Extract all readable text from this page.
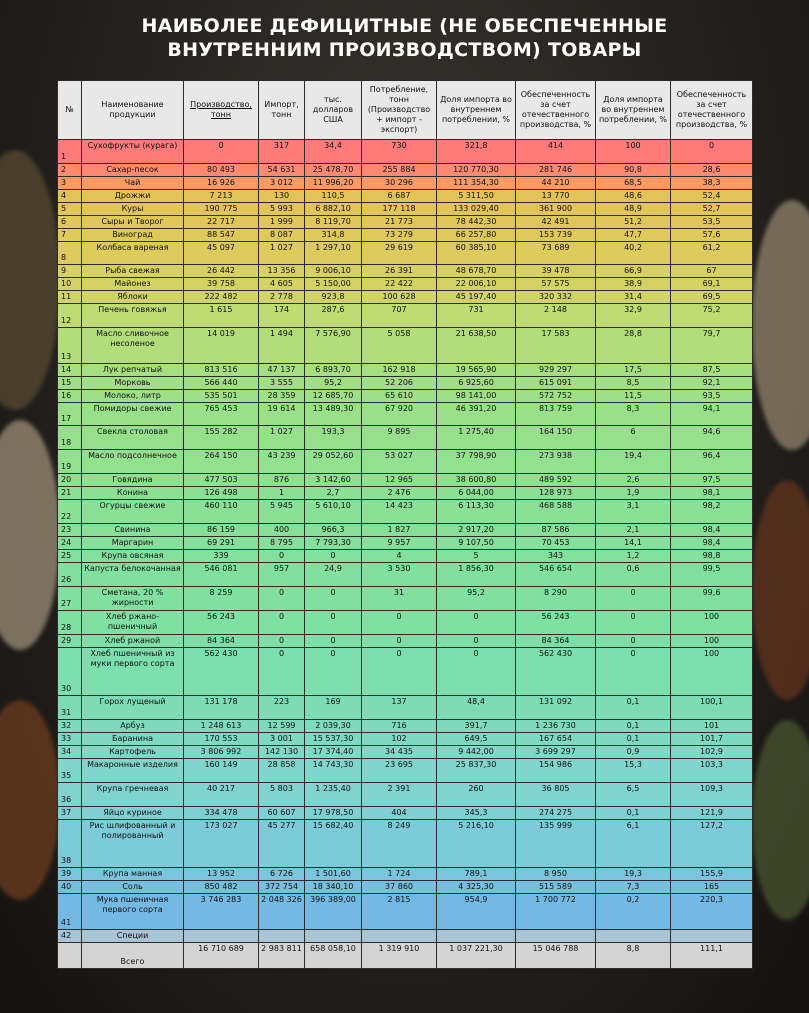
НАИБОЛЕЕ ДЕФИЦИТНЫЕ (НЕ ОБЕСПЕЧЕННЫЕ
ВНУТРЕННИМ ПРОИЗВОДСТВОМ) ТОВАРЫ
№	Наименование продукции	Производство, тонн	Импорт, тонн	тыс. долларов США	Потребление, тонн (Производство + импорт - экспорт)	Доля импорта во внутреннем потреблении, %	Обеспеченность за счет отечественного производства, %	Доля импорта во внутреннем потреблении, %	Обеспеченность за счет отечественного производства, %
1	Сухофрукты (курага)	0	317	34,4	730	321,8	414	100	0
2	Сахар-песок	80 493	54 631	25 478,70	255 884	120 770,30	281 746	90,8	28,6
3	Чай	16 926	3 012	11 996,20	30 296	111 354,30	44 210	68,5	38,3
4	Дрожжи	7 213	130	110,5	6 687	5 311,50	13 770	48,6	52,4
5	Куры	190 775	5 993	6 882,10	177 118	133 029,40	361 900	48,9	52,7
6	Сыры и Творог	22 717	1 999	8 119,70	21 773	78 442,30	42 491	51,2	53,5
7	Виноград	88 547	8 087	314,8	73 279	66 257,80	153 739	47,7	57,6
8	Колбаса вареная	45 097	1 027	1 297,10	29 619	60 385,10	73 689	40,2	61,2
9	Рыба свежая	26 442	13 356	9 006,10	26 391	48 678,70	39 478	66,9	67
10	Майонез	39 758	4 605	5 150,00	22 422	22 006,10	57 575	38,9	69,1
11	Яблоки	222 482	2 778	923,8	100 628	45 197,40	320 332	31,4	69,5
12	Печень говяжья	1 615	174	287,6	707	731	2 148	32,9	75,2
13	Масло сливочное несоленое	14 019	1 494	7 576,90	5 058	21 638,50	17 583	28,8	79,7
14	Лук репчатый	813 516	47 137	6 893,70	162 918	19 565,90	929 297	17,5	87,5
15	Морковь	566 440	3 555	95,2	52 206	6 925,60	615 091	8,5	92,1
16	Молоко, литр	535 501	28 359	12 685,70	65 610	98 141,00	572 752	11,5	93,5
17	Помидоры свежие	765 453	19 614	13 489,30	67 920	46 391,20	813 759	8,3	94,1
18	Свекла столовая	155 282	1 027	193,3	9 895	1 275,40	164 150	6	94,6
19	Масло подсолнечное	264 150	43 239	29 052,60	53 027	37 798,90	273 938	19,4	96,4
20	Говядина	477 503	876	3 142,60	12 965	38 600,80	489 592	2,6	97,5
21	Конина	126 498	1	2,7	2 476	6 044,00	128 973	1,9	98,1
22	Огурцы свежие	460 110	5 945	5 610,10	14 423	6 113,30	468 588	3,1	98,2
23	Свинина	86 159	400	966,3	1 827	2 917,20	87 586	2,1	98,4
24	Маргарин	69 291	8 795	7 793,30	9 957	9 107,50	70 453	14,1	98,4
25	Крупа овсяная	339	0	0	4	5	343	1,2	98,8
26	Капуста белокочанная	546 081	957	24,9	3 530	1 856,30	546 654	0,6	99,5
27	Сметана, 20 % жирности	8 259	0	0	31	95,2	8 290	0	99,6
28	Хлеб ржано-пшеничный	56 243	0	0	0	0	56 243	0	100
29	Хлеб ржаной	84 364	0	0	0	0	84 364	0	100
30	Хлеб пшеничный из муки первого сорта	562 430	0	0	0	0	562 430	0	100
31	Горох лущеный	131 178	223	169	137	48,4	131 092	0,1	100,1
32	Арбуз	1 248 613	12 599	2 039,30	716	391,7	1 236 730	0,1	101
33	Баранина	170 553	3 001	15 537,30	102	649,5	167 654	0,1	101,7
34	Картофель	3 806 992	142 130	17 374,40	34 435	9 442,00	3 699 297	0,9	102,9
35	Макаронные изделия	160 149	28 858	14 743,30	23 695	25 837,30	154 986	15,3	103,3
36	Крупа гречневая	40 217	5 803	1 235,40	2 391	260	36 805	6,5	109,3
37	Яйцо куриное	334 478	60 607	17 978,50	404	345,3	274 275	0,1	121,9
38	Рис шлифованный и полированный	173 027	45 277	15 682,40	8 249	5 216,10	135 999	6,1	127,2
39	Крупа манная	13 952	6 726	1 501,60	1 724	789,1	8 950	19,3	155,9
40	Соль	850 482	372 754	18 340,10	37 860	4 325,30	515 589	7,3	165
41	Мука пшеничная первого сорта	3 746 283	2 048 326	396 389,00	2 815	954,9	1 700 772	0,2	220,3
42	Специи								
	Всего	16 710 689	2 983 811	658 058,10	1 319 910	1 037 221,30	15 046 788	8,8	111,1
